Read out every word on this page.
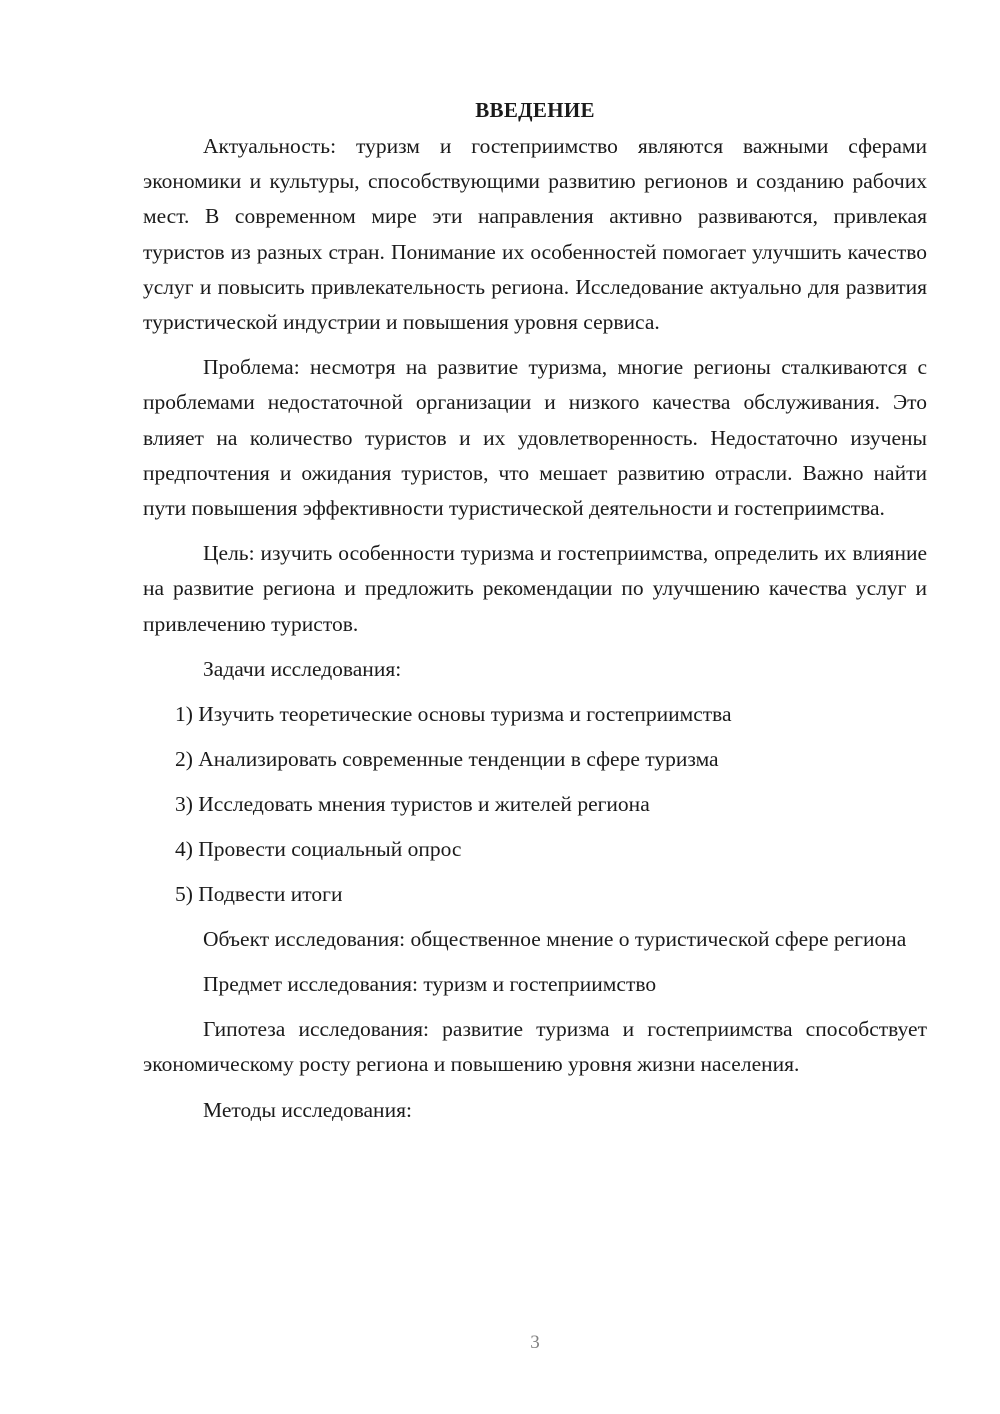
ВВЕДЕНИЕ

Актуальность: туризм и гостеприимство являются важными сферами экономики и культуры, способствующими развитию регионов и созданию рабочих мест. В современном мире эти направления активно развиваются, привлекая туристов из разных стран. Понимание их особенностей помогает улучшить качество услуг и повысить привлекательность региона. Исследование актуально для развития туристической индустрии и повышения уровня сервиса.

Проблема: несмотря на развитие туризма, многие регионы сталкиваются с проблемами недостаточной организации и низкого качества обслуживания. Это влияет на количество туристов и их удовлетворенность. Недостаточно изучены предпочтения и ожидания туристов, что мешает развитию отрасли. Важно найти пути повышения эффективности туристической деятельности и гостеприимства.

Цель: изучить особенности туризма и гостеприимства, определить их влияние на развитие региона и предложить рекомендации по улучшению качества услуг и привлечению туристов.

Задачи исследования:
1) Изучить теоретические основы туризма и гостеприимства
2) Анализировать современные тенденции в сфере туризма
3) Исследовать мнения туристов и жителей региона
4) Провести социальный опрос
5) Подвести итоги

Объект исследования: общественное мнение о туристической сфере региона

Предмет исследования: туризм и гостеприимство

Гипотеза исследования: развитие туризма и гостеприимства способствует экономическому росту региона и повышению уровня жизни населения.

Методы исследования:

3
